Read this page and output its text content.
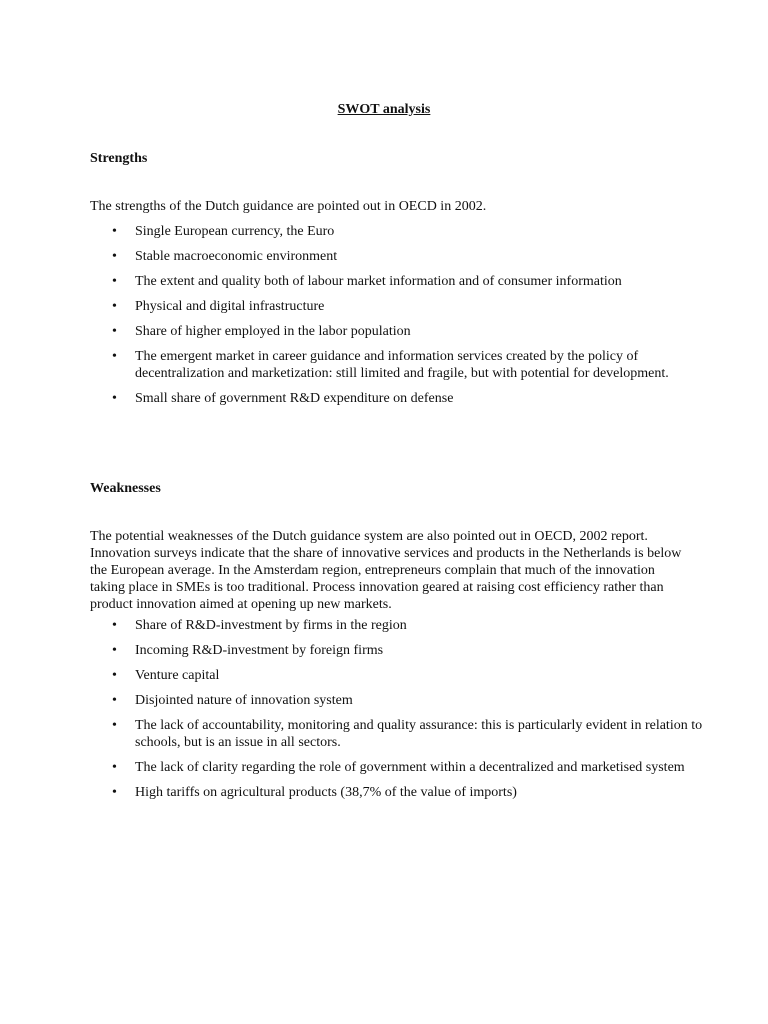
SWOT analysis
Strengths
The strengths of the Dutch guidance are pointed out in OECD in 2002.
• Single European currency, the Euro
• Stable macroeconomic environment
• The extent and quality both of labour market information and of consumer information
• Physical and digital infrastructure
• Share of higher employed in the labor population
• The emergent market in career guidance and information services created by the policy of decentralization and marketization: still limited and fragile, but with potential for development.
• Small share of government R&D expenditure on defense
Weaknesses
The potential weaknesses of the Dutch guidance system are also pointed out in OECD, 2002 report. Innovation surveys indicate that the share of innovative services and products in the Netherlands is below the European average. In the Amsterdam region, entrepreneurs complain that much of the innovation taking place in SMEs is too traditional. Process innovation geared at raising cost efficiency rather than product innovation aimed at opening up new markets.
• Share of R&D-investment by firms in the region
• Incoming R&D-investment by foreign firms
• Venture capital
• Disjointed nature of innovation system
• The lack of accountability, monitoring and quality assurance: this is particularly evident in relation to schools, but is an issue in all sectors.
• The lack of clarity regarding the role of government within a decentralized and marketised system
• High tariffs on agricultural products (38,7% of the value of imports)
